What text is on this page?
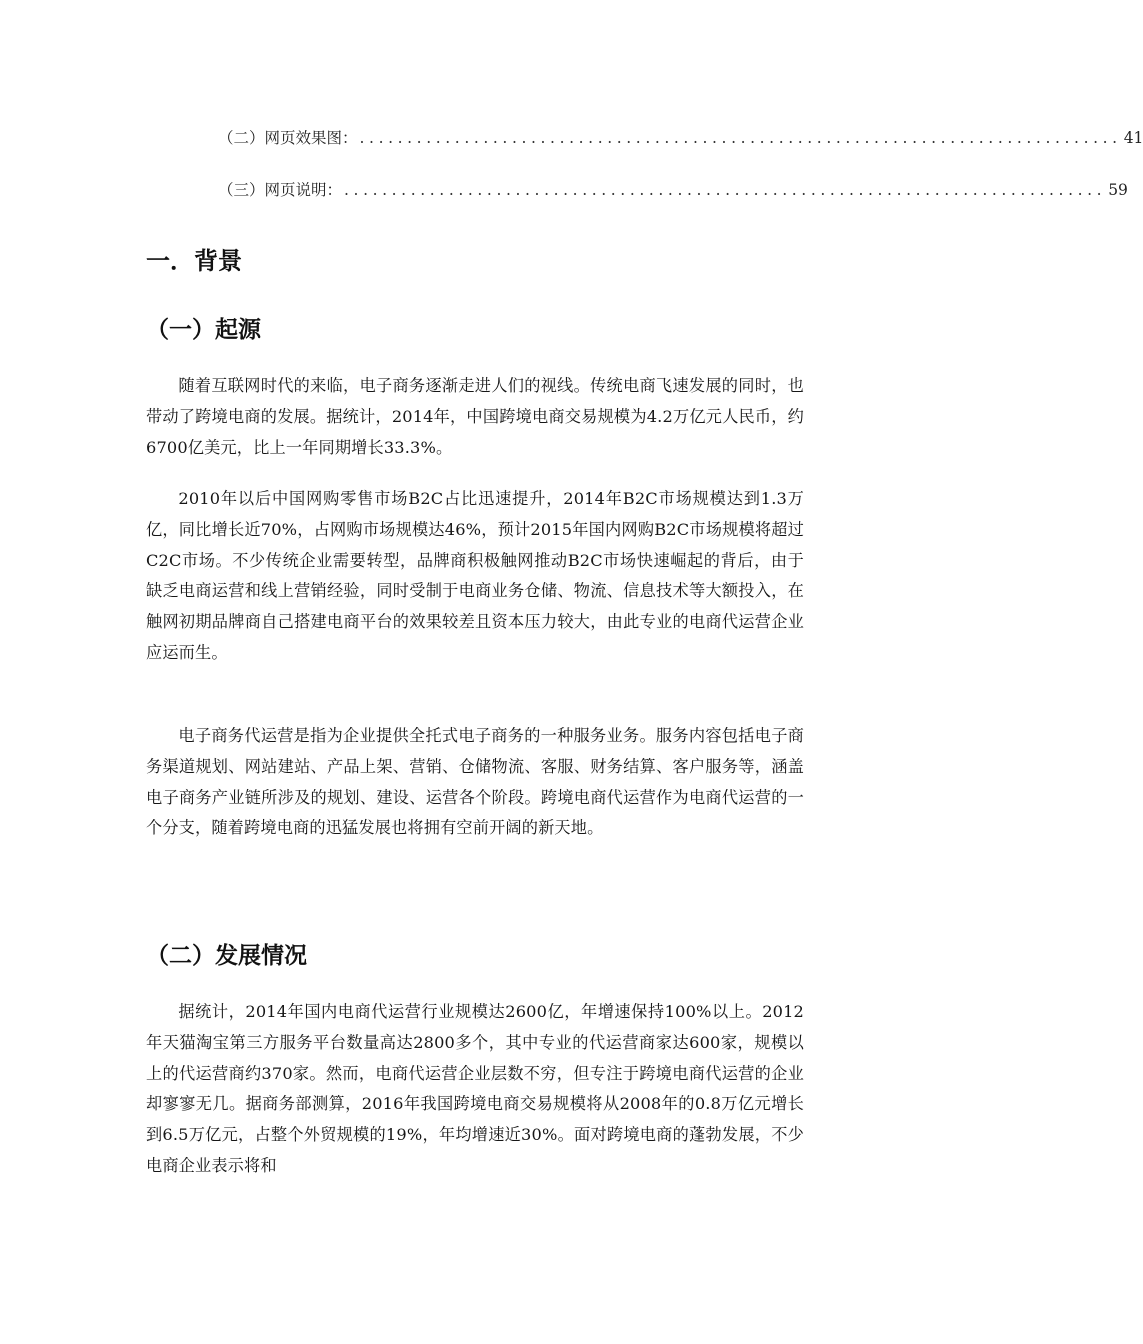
（二）网页效果图： ................................................................................ 41
（三）网页说明： ................................................................................ 59
一．背景
（一）起源

随着互联网时代的来临，电子商务逐渐走进人们的视线。传统电商飞速发展的同时，也带动了跨境电商的发展。据统计，2014年，中国跨境电商交易规模为4.2万亿元人民币，约6700亿美元，比上一年同期增长33.3%。

2010年以后中国网购零售市场B2C占比迅速提升，2014年B2C市场规模达到1.3万亿，同比增长近70%，占网购市场规模达46%，预计2015年国内网购B2C市场规模将超过C2C市场。不少传统企业需要转型，品牌商积极触网推动B2C市场快速崛起的背后，由于缺乏电商运营和线上营销经验，同时受制于电商业务仓储、物流、信息技术等大额投入，在触网初期品牌商自己搭建电商平台的效果较差且资本压力较大，由此专业的电商代运营企业应运而生。

电子商务代运营是指为企业提供全托式电子商务的一种服务业务。服务内容包括电子商务渠道规划、网站建站、产品上架、营销、仓储物流、客服、财务结算、客户服务等，涵盖电子商务产业链所涉及的规划、建设、运营各个阶段。跨境电商代运营作为电商代运营的一个分支，随着跨境电商的迅猛发展也将拥有空前开阔的新天地。

（二）发展情况

据统计，2014年国内电商代运营行业规模达2600亿，年增速保持100%以上。2012年天猫淘宝第三方服务平台数量高达2800多个，其中专业的代运营商家达600家，规模以上的代运营商约370家。然而，电商代运营企业层数不穷，但专注于跨境电商代运营的企业却寥寥无几。据商务部测算，2016年我国跨境电商交易规模将从2008年的0.8万亿元增长到6.5万亿元，占整个外贸规模的19%，年均增速近30%。面对跨境电商的蓬勃发展，不少电商企业表示将和
